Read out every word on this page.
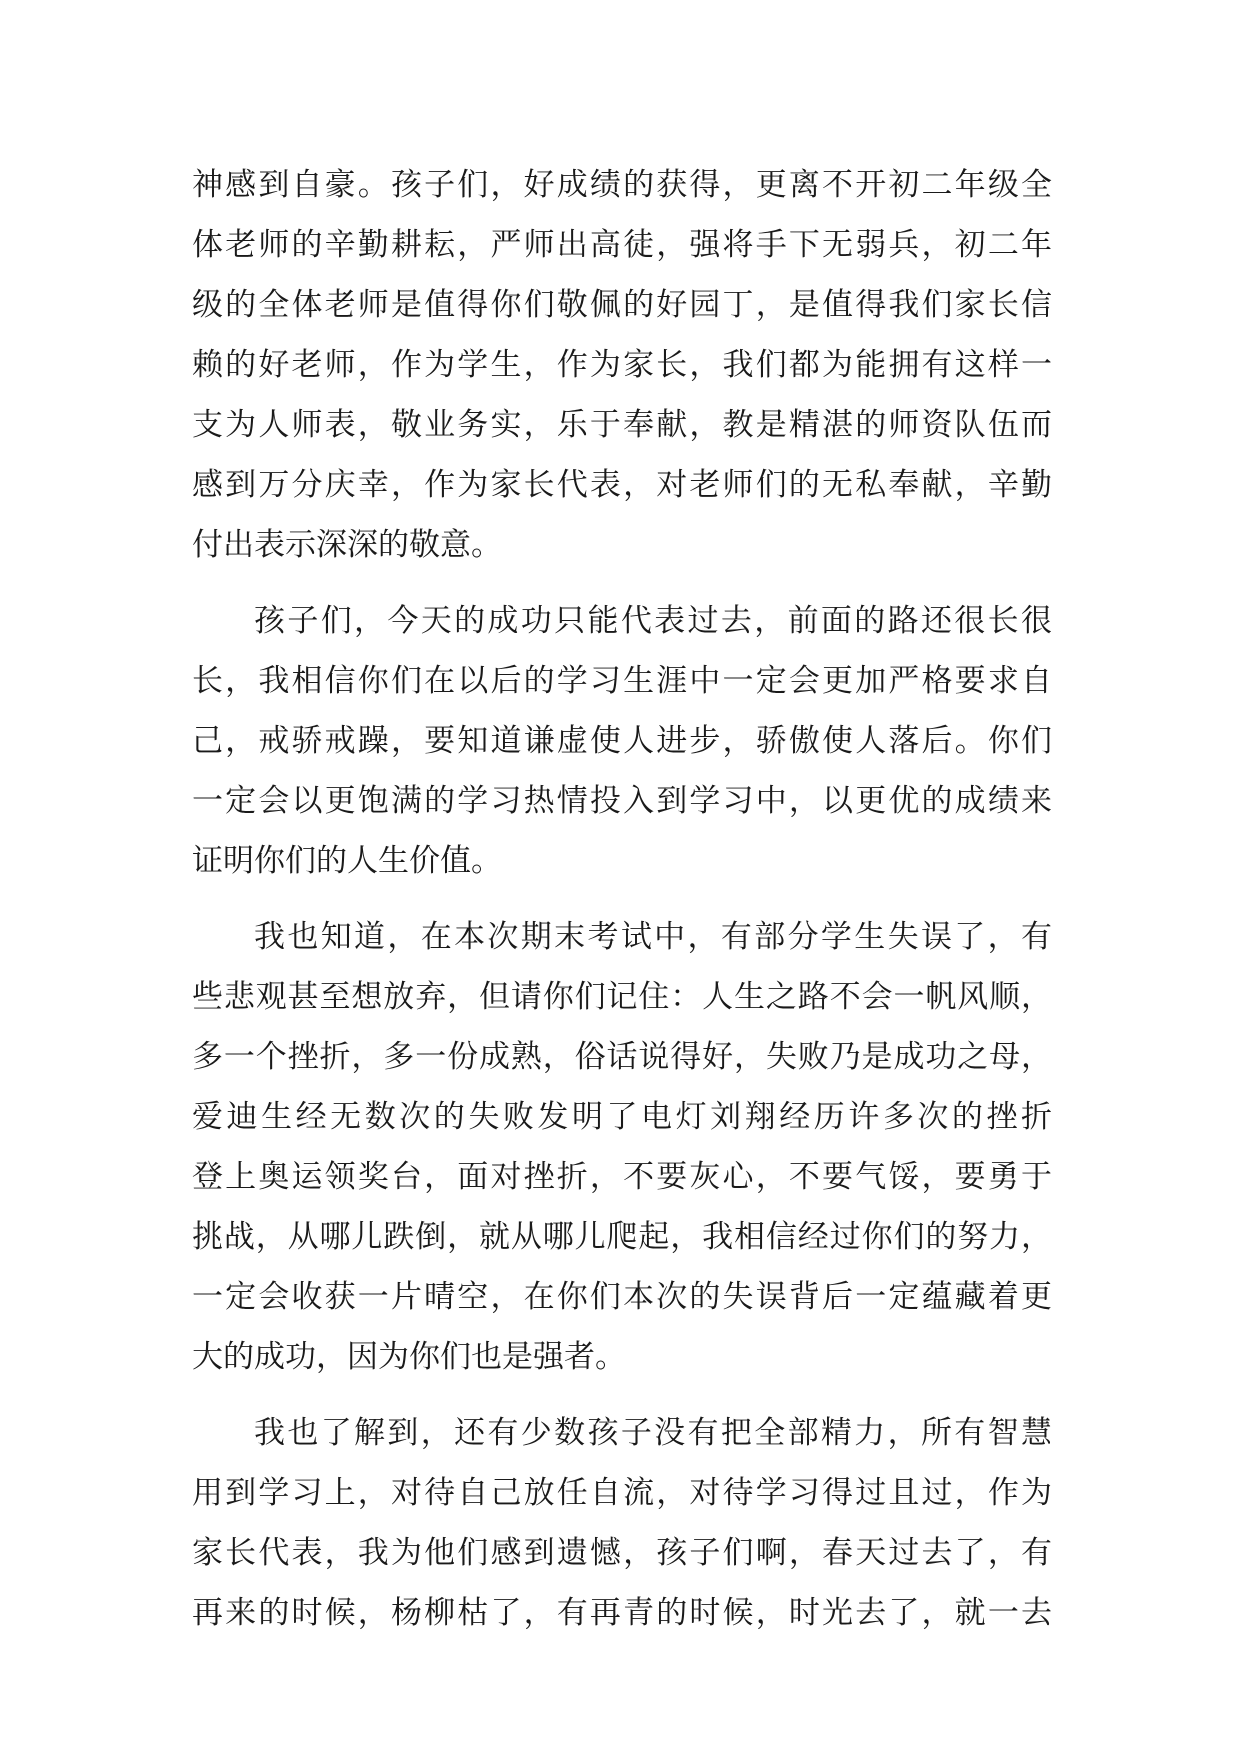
神感到自豪。孩子们，好成绩的获得，更离不开初二年级全
体老师的辛勤耕耘，严师出高徒，强将手下无弱兵，初二年
级的全体老师是值得你们敬佩的好园丁，是值得我们家长信
赖的好老师，作为学生，作为家长，我们都为能拥有这样一
支为人师表，敬业务实，乐于奉献，教是精湛的师资队伍而
感到万分庆幸，作为家长代表，对老师们的无私奉献，辛勤
付出表示深深的敬意。
孩子们，今天的成功只能代表过去，前面的路还很长很
长，我相信你们在以后的学习生涯中一定会更加严格要求自
己，戒骄戒躁，要知道谦虚使人进步，骄傲使人落后。你们
一定会以更饱满的学习热情投入到学习中，以更优的成绩来
证明你们的人生价值。
我也知道，在本次期末考试中，有部分学生失误了，有
些悲观甚至想放弃，但请你们记住：人生之路不会一帆风顺，
多一个挫折，多一份成熟，俗话说得好，失败乃是成功之母，
爱迪生经无数次的失败发明了电灯刘翔经历许多次的挫折
登上奥运领奖台，面对挫折，不要灰心，不要气馁，要勇于
挑战，从哪儿跌倒，就从哪儿爬起，我相信经过你们的努力，
一定会收获一片晴空，在你们本次的失误背后一定蕴藏着更
大的成功，因为你们也是强者。
我也了解到，还有少数孩子没有把全部精力，所有智慧
用到学习上，对待自己放任自流，对待学习得过且过，作为
家长代表，我为他们感到遗憾，孩子们啊，春天过去了，有
再来的时候，杨柳枯了，有再青的时候，时光去了，就一去
